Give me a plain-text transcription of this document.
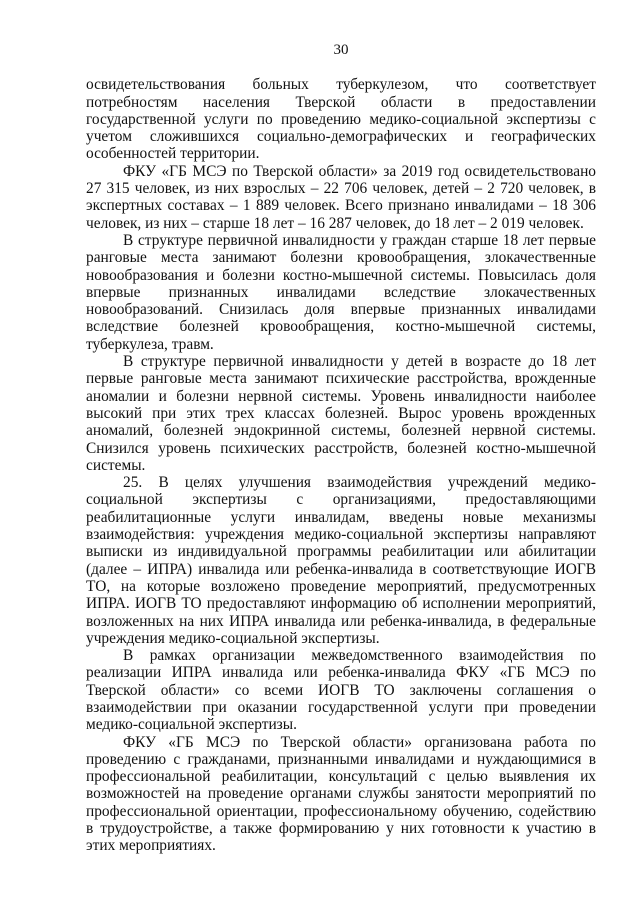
30

освидетельствования больных туберкулезом, что соответствует потребностям населения Тверской области в предоставлении государственной услуги по проведению медико-социальной экспертизы с учетом сложившихся социально-демографических и географических особенностей территории.

ФКУ «ГБ МСЭ по Тверской области» за 2019 год освидетельствовано 27 315 человек, из них взрослых – 22 706 человек, детей – 2 720 человек, в экспертных составах – 1 889 человек. Всего признано инвалидами – 18 306 человек, из них – старше 18 лет – 16 287 человек, до 18 лет – 2 019 человек.

В структуре первичной инвалидности у граждан старше 18 лет первые ранговые места занимают болезни кровообращения, злокачественные новообразования и болезни костно-мышечной системы. Повысилась доля впервые признанных инвалидами вследствие злокачественных новообразований. Снизилась доля впервые признанных инвалидами вследствие болезней кровообращения, костно-мышечной системы, туберкулеза, травм.

В структуре первичной инвалидности у детей в возрасте до 18 лет первые ранговые места занимают психические расстройства, врожденные аномалии и болезни нервной системы. Уровень инвалидности наиболее высокий при этих трех классах болезней. Вырос уровень врожденных аномалий, болезней эндокринной системы, болезней нервной системы. Снизился уровень психических расстройств, болезней костно-мышечной системы.

25. В целях улучшения взаимодействия учреждений медико-социальной экспертизы с организациями, предоставляющими реабилитационные услуги инвалидам, введены новые механизмы взаимодействия: учреждения медико-социальной экспертизы направляют выписки из индивидуальной программы реабилитации или абилитации (далее – ИПРА) инвалида или ребенка-инвалида в соответствующие ИОГВ ТО, на которые возложено проведение мероприятий, предусмотренных ИПРА. ИОГВ ТО предоставляют информацию об исполнении мероприятий, возложенных на них ИПРА инвалида или ребенка-инвалида, в федеральные учреждения медико-социальной экспертизы.

В рамках организации межведомственного взаимодействия по реализации ИПРА инвалида или ребенка-инвалида ФКУ «ГБ МСЭ по Тверской области» со всеми ИОГВ ТО заключены соглашения о взаимодействии при оказании государственной услуги при проведении медико-социальной экспертизы.

ФКУ «ГБ МСЭ по Тверской области» организована работа по проведению с гражданами, признанными инвалидами и нуждающимися в профессиональной реабилитации, консультаций с целью выявления их возможностей на проведение органами службы занятости мероприятий по профессиональной ориентации, профессиональному обучению, содействию в трудоустройстве, а также формированию у них готовности к участию в этих мероприятиях.
